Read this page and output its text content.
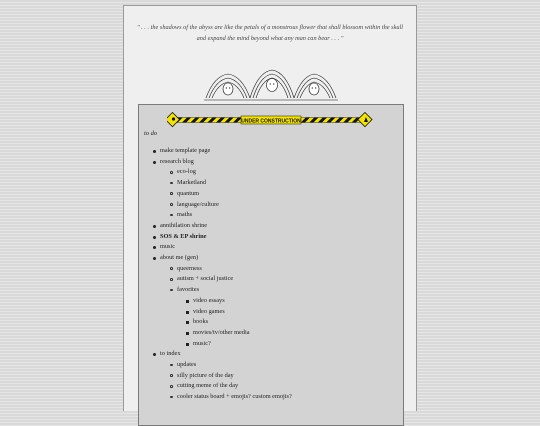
" . . . the shadows of the abyss are like the petals of a monstrous flower that shall blossom within the skull and expand the mind beyond what any man can bear . . . "
UNDER CONSTRUCTION
to do
make template page
research blog
eco-log
Marketland
quantum
language/culture
maths
annihilation shrine
SOS & EP shrine
music
about me (gen)
queerness
autism + social justice
favorites
video essays
video games
books
movies/tv/other media
music?
to index
updates
silly picture of the day
cutting meme of the day
cooler status board + emojis? custom emojis?
